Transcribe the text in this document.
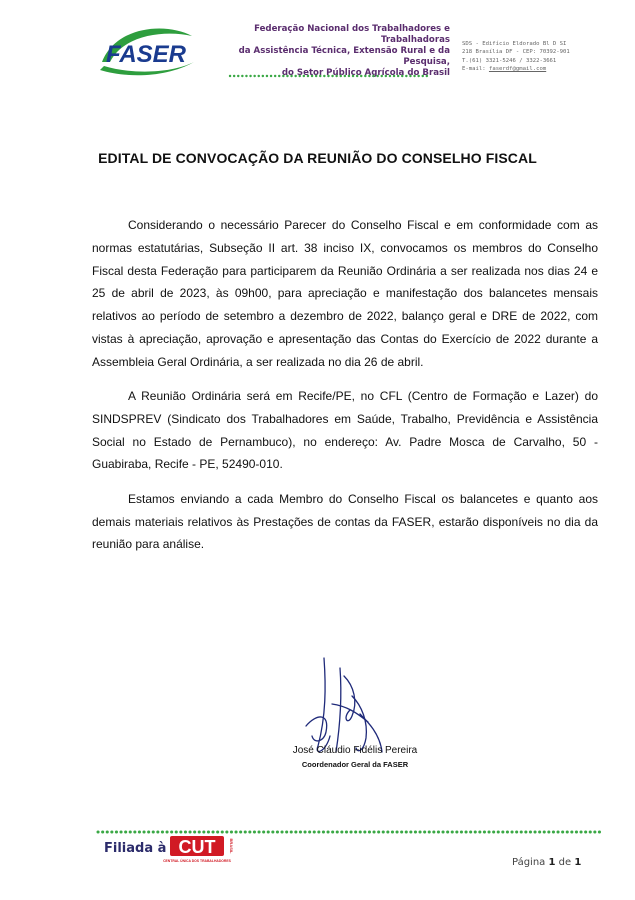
FASER
Federação Nacional dos Trabalhadores e Trabalhadoras
da Assistência Técnica, Extensão Rural e da Pesquisa,
do Setor Público Agrícola do Brasil
SDS - Edifício Eldorado Bl D SI
218 Brasília DF - CEP: 70392-901
T.(61) 3321-5246 / 3322-3661
E-mail: faserdf@gmail.com
EDITAL DE CONVOCAÇÃO DA REUNIÃO DO CONSELHO FISCAL

Considerando o necessário Parecer do Conselho Fiscal e em conformidade com as normas estatutárias, Subseção II art. 38 inciso IX, convocamos os membros do Conselho Fiscal desta Federação para participarem da Reunião Ordinária a ser realizada nos dias 24 e 25 de abril de 2023, às 09h00, para apreciação e manifestação dos balancetes mensais relativos ao período de setembro a dezembro de 2022, balanço geral e DRE de 2022, com vistas à apreciação, aprovação e apresentação das Contas do Exercício de 2022 durante a Assembleia Geral Ordinária, a ser realizada no dia 26 de abril.

A Reunião Ordinária será em Recife/PE, no CFL (Centro de Formação e Lazer) do SINDSPREV (Sindicato dos Trabalhadores em Saúde, Trabalho, Previdência e Assistência Social no Estado de Pernambuco), no endereço: Av. Padre Mosca de Carvalho, 50 - Guabiraba, Recife - PE, 52490-010.

Estamos enviando a cada Membro do Conselho Fiscal os balancetes e quanto aos demais materiais relativos às Prestações de contas da FASER, estarão disponíveis no dia da reunião para análise.

José Cláudio Fidélis Pereira
Coordenador Geral da FASER
Filiada à CUT
CENTRAL ÚNICA DOS TRABALHADORES
BRASIL
Página 1 de 1
